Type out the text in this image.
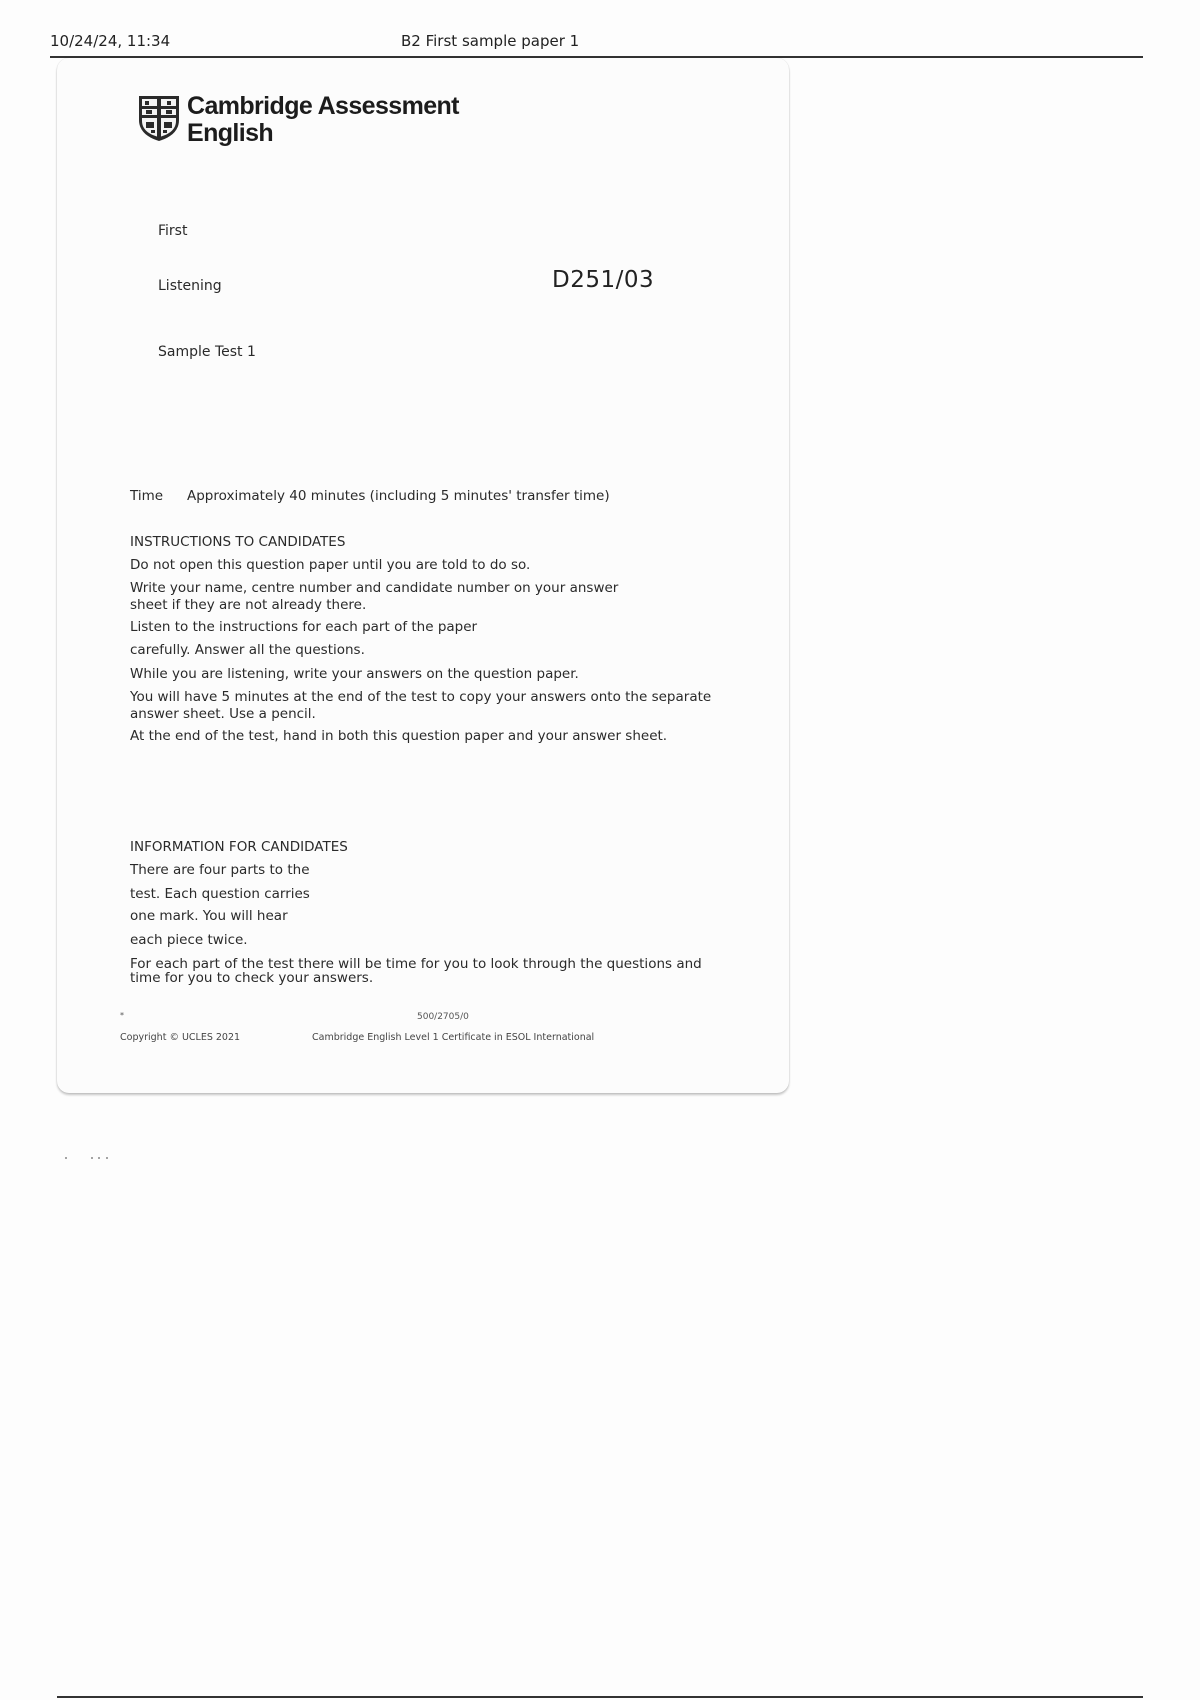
10/24/24, 11:34	B2 First sample paper 1
Cambridge Assessment
English
First
Listening	D251/03
Sample Test 1
Time Approximately 40 minutes (including 5 minutes' transfer time)
INSTRUCTIONS TO CANDIDATES
Do not open this question paper until you are told to do so.
Write your name, centre number and candidate number on your answer
sheet if they are not already there.
Listen to the instructions for each part of the paper
carefully. Answer all the questions.
While you are listening, write your answers on the question paper.
You will have 5 minutes at the end of the test to copy your answers onto the separate
answer sheet. Use a pencil.
At the end of the test, hand in both this question paper and your answer sheet.
INFORMATION FOR CANDIDATES
There are four parts to the
test. Each question carries
one mark. You will hear
each piece twice.
For each part of the test there will be time for you to look through the questions and
time for you to check your answers.
*	500/2705/0
Copyright © UCLES 2021	Cambridge English Level 1 Certificate in ESOL International
